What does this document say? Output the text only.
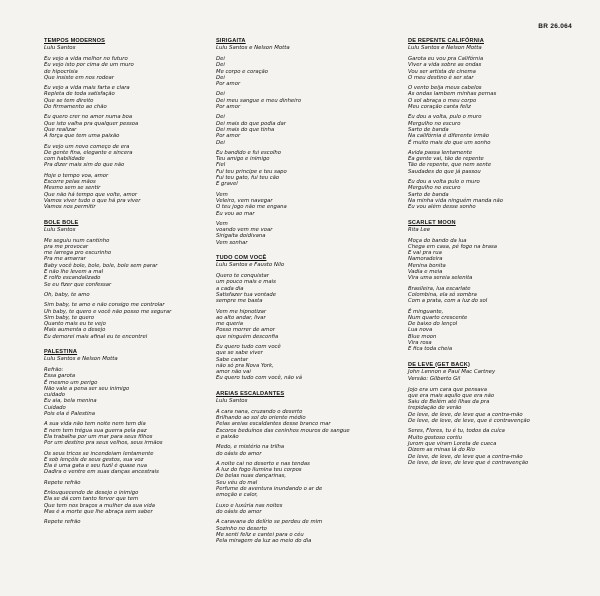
BR 26.064
TEMPOS MODERNOS
Lulu Santos
Eu vejo a vida melhor no futuro
Eu vejo isto por cima de um muro
de hipocrisia
Que insiste em nos rodear
Eu vejo a vida mais farta e clara
Repleta de toda satisfação
Que se tem direito
Do firmamento ao chão
Eu quero crer no amor numa boa
Que isto valha pra qualquer pessoa
Que realizar
A força que tem uma paixão
Eu vejo um novo começo de era
De gente fina, elegante e sincera
com habilidade
Pra dizer mais sim do que não
Hoje o tempo voa, amor
Escorre pelas mãos
Mesmo sem se sentir
Que não há tempo que volte, amor
Vamos viver tudo o que há pra viver
Vamos nos permitir
BOLE BOLE
Lulu Santos
Me seguiu num cantinho
pra me provocar
me larrega pro escurinho
Pra me amarrar
Baby você bole, bole, bole, bole sem parar
E não lhe levem a mal
E rolfo escandalizado
Se eu fizer que confessar
Oh, baby, te amo
Sim baby, te amo e não consigo me controlar
Uh baby, te quero e você não posso me segurar
Sim baby, te quero
Quanto mais eu te vejo
Mais aumenta o desejo
Eu demorei mais afinal eu te encontrei
PALESTINA
Lulu Santos e Nelson Motta
Refrão:
Essa garota
É mesmo um perigo
Não vale a pena ser seu inimigo
cuidado
Eu aia, bela menina
Cuidado
Pois ela é Palestina
A sua vida não tem noite nem tem dia
E nem tem trégua sua guerra pela paz
Ela trabalha por um mar para seus filhos
Por um destino pra seus velhos, seus irmãos
Os seus tricos se incendeiam lentamente
E sob lençóis de seus gestos, sua voz
Ela é uma gata e seu fuzil é quase nua
Dadira o ventre em suas danças ancestrais
Repete refrão
Enlouquecendo de desejo o inimigo
Ela se dá com tanto fervor que tem
Que tem nos braços a mulher da sua vida
Mas é a morte que lhe abraça sem saber
Repete refrão
SIRIGAITA
Lulu Santos e Nelson Motta
Dei
Dei
Me corpo e coração
Dei
Por amor
Dei
Dei meu sangue e meu dinheiro
Por amor
Dei
Dei mais do que podia dar
Dei mais do que tinha
Por amor
Dei
Eu bandido e fui escolho
Teu amigo e inimigo
Fiel
Fui teu principe e teu sapo
Fui teu gato, fui teu cão
E gravel
Vem
Veleiro, vem navegar
O teu jogo não me engana
Eu vou ao mar
Vem
voando vem me voar
Sirigaita doidivana
Vem sonhar
TUDO COM VOCÊ
Lulu Santos e Fausto Nilo
Quero te conquistar
um pouco mais e mais
a cada dia
Satisfazer tua vontade
sempre me basta
Vem me hipnotizar
ao alto andar, livar
me queria
Posso morrer de amor
que ninguém desconfia
Eu quero tudo com você
que se sabe viver
Sabe cantar
não só pra Nova York,
amor não vai
Eu quero tudo com você, não vá
AREIAS ESCALDANTES
Lulu Santos
A cara nana, cruzando o deserto
Brilhando ao sol do oriente médio
Pelas areias escaldantes desse branco mar
Escoros beduínos das ceninhos mouros de sangue
e paixão
Medo, e mistério na trilha
do oásis do amor
A noite cai no deserto e nas tendas
A luz do fogo ilumina teu corpos
De belas nuas dançarinas,
Seu véu do mal
Perfume de aventura inundando o ar de
emoção e calor,
Luxo e luxúria nas noites
do oásis do amor
A caravana do delírio se perdeu de mim
Sozinho no deserto
Me senti feliz e cantei para o céu
Pela miragem da luz ao meio do dia
DE REPENTE CALIFÓRNIA
Lulu Santos e Nelson Motta
Garota eu vou pra Califórnia
Viver a vida sobre as ondas
Vou ser artista de cinema
O meu destino é ser star
O vento beija meus cabelos
As ondas lambem minhas pernas
O sol abraça o meu corpo
Meu coração canta feliz
Eu dou a volta, pulo o muro
Mergulho no escuro
Sarto de banda
Na califórnia é diferente irmão
É muito mais do que um sonho
Avida passa lentamente
Ea gente vai, tão de repente
Tão de repente, que nem sente
Saudades do que já passou
Eu dou a volta pulo o muro
Mergulho no escuro
Sarto de banda
Na minha vida ninguém manda não
Eu vou além desse sonho
SCARLET MOON
Rita Lee
Moça do bando da lua
Chega em casa, pé fogo na brasa
E vai pra rua
Namoradeira
Menina bonita
Vadia e meia
Vira uma sereia selenita
Brasileira, lua escarlate
Colombina, ela só sombra
Com a prata, com a luz do sol
É minguante,
Num quarto crescente
De baixo do lençol
Lua nova
Blue moon
Vira rosa
E fica toda cheia
DE LEVE (GET BACK)
John Lennon e Paul Mac Cartney
Versão: Gilberto Gil
Jojo era um cara que pensava
que era mais aquilo que era não
Saiu de Belém até Ilhas da pra
trepidação de verão
De leve, de leve, de leve que a contra-mão
De leve, de leve, de leve, que é contravenção
Seres, Flores, tu é tu, todos da cuíca
Muito gostoso cortiu
Jurom que viram Loreta de cueca
Dizem as minas lá do Rio
De leve, de leve, de leve que a contra-mão
De leve, de leve, de leve que é contravenção
